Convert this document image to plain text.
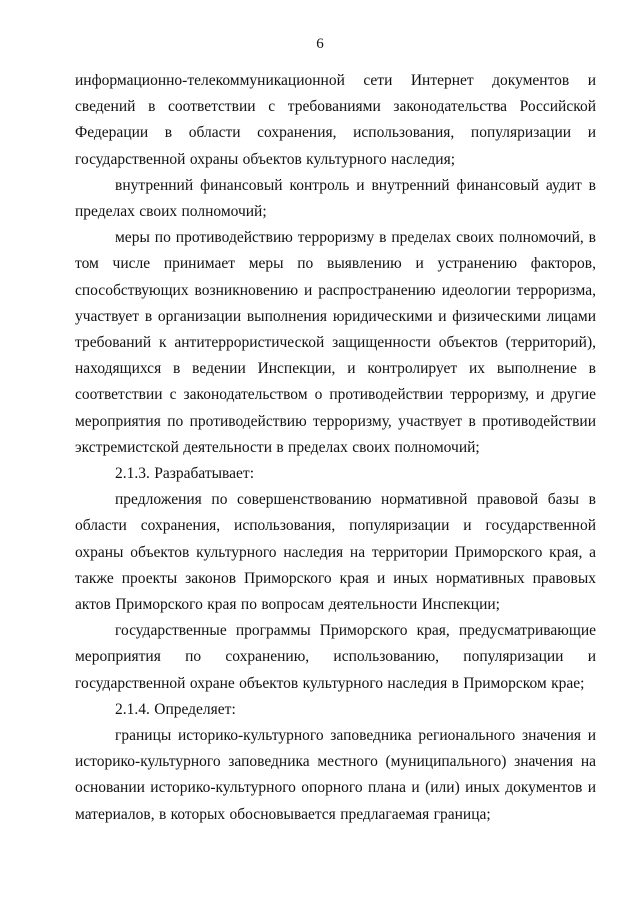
6

информационно-телекоммуникационной сети Интернет документов и сведений в соответствии с требованиями законодательства Российской Федерации в области сохранения, использования, популяризации и государственной охраны объектов культурного наследия;

внутренний финансовый контроль и внутренний финансовый аудит в пределах своих полномочий;

меры по противодействию терроризму в пределах своих полномочий, в том числе принимает меры по выявлению и устранению факторов, способствующих возникновению и распространению идеологии терроризма, участвует в организации выполнения юридическими и физическими лицами требований к антитеррористической защищенности объектов (территорий), находящихся в ведении Инспекции, и контролирует их выполнение в соответствии с законодательством о противодействии терроризму, и другие мероприятия по противодействию терроризму, участвует в противодействии экстремистской деятельности в пределах своих полномочий;

2.1.3. Разрабатывает:

предложения по совершенствованию нормативной правовой базы в области сохранения, использования, популяризации и государственной охраны объектов культурного наследия на территории Приморского края, а также проекты законов Приморского края и иных нормативных правовых актов Приморского края по вопросам деятельности Инспекции;

государственные программы Приморского края, предусматривающие мероприятия по сохранению, использованию, популяризации и государственной охране объектов культурного наследия в Приморском крае;

2.1.4. Определяет:

границы историко-культурного заповедника регионального значения и историко-культурного заповедника местного (муниципального) значения на основании историко-культурного опорного плана и (или) иных документов и материалов, в которых обосновывается предлагаемая граница;
